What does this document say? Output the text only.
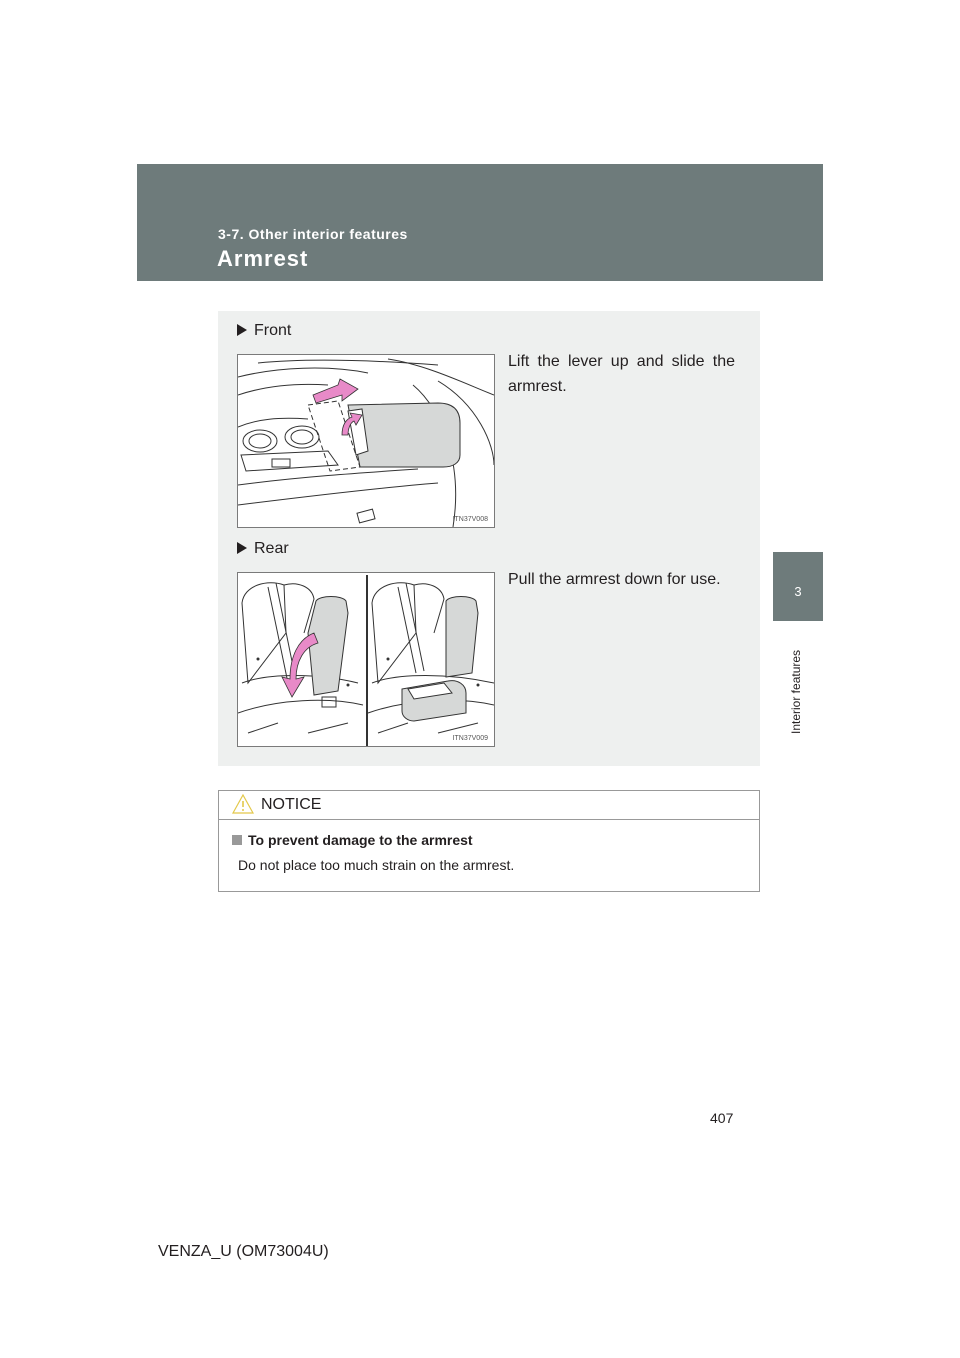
3-7. Other interior features
Armrest
3
Interior features
Front
Lift the lever up and slide the armrest.
ITN37V008
Rear
Pull the armrest down for use.
ITN37V009
NOTICE
To prevent damage to the armrest
Do not place too much strain on the armrest.
407
VENZA_U (OM73004U)
